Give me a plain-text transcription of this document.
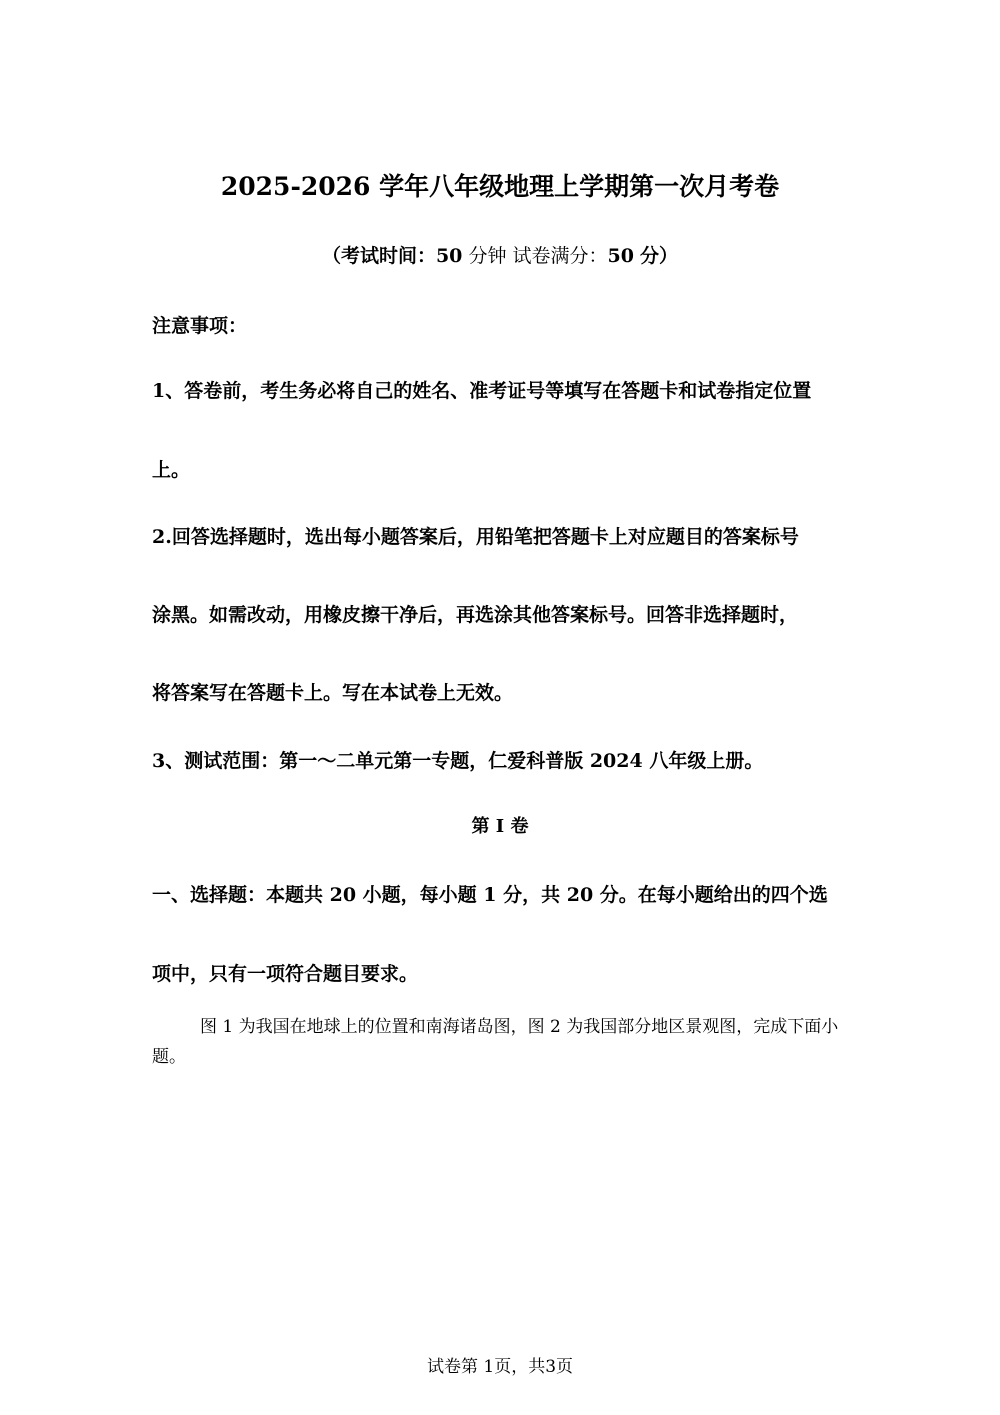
2025-2026 学年八年级地理上学期第一次月考卷
（考试时间：50 分钟 试卷满分：50 分）
注意事项：
1、答卷前，考生务必将自己的姓名、准考证号等填写在答题卡和试卷指定位置
上。
2.回答选择题时，选出每小题答案后，用铅笔把答题卡上对应题目的答案标号
涂黑。如需改动，用橡皮擦干净后，再选涂其他答案标号。回答非选择题时，
将答案写在答题卡上。写在本试卷上无效。
3、测试范围：第一～二单元第一专题，仁爱科普版 2024 八年级上册。
第 I 卷
一、选择题：本题共 20 小题，每小题 1 分，共 20 分。在每小题给出的四个选
项中，只有一项符合题目要求。
图 1 为我国在地球上的位置和南海诸岛图，图 2 为我国部分地区景观图，完成下面小题。
试卷第 1页，共3页
